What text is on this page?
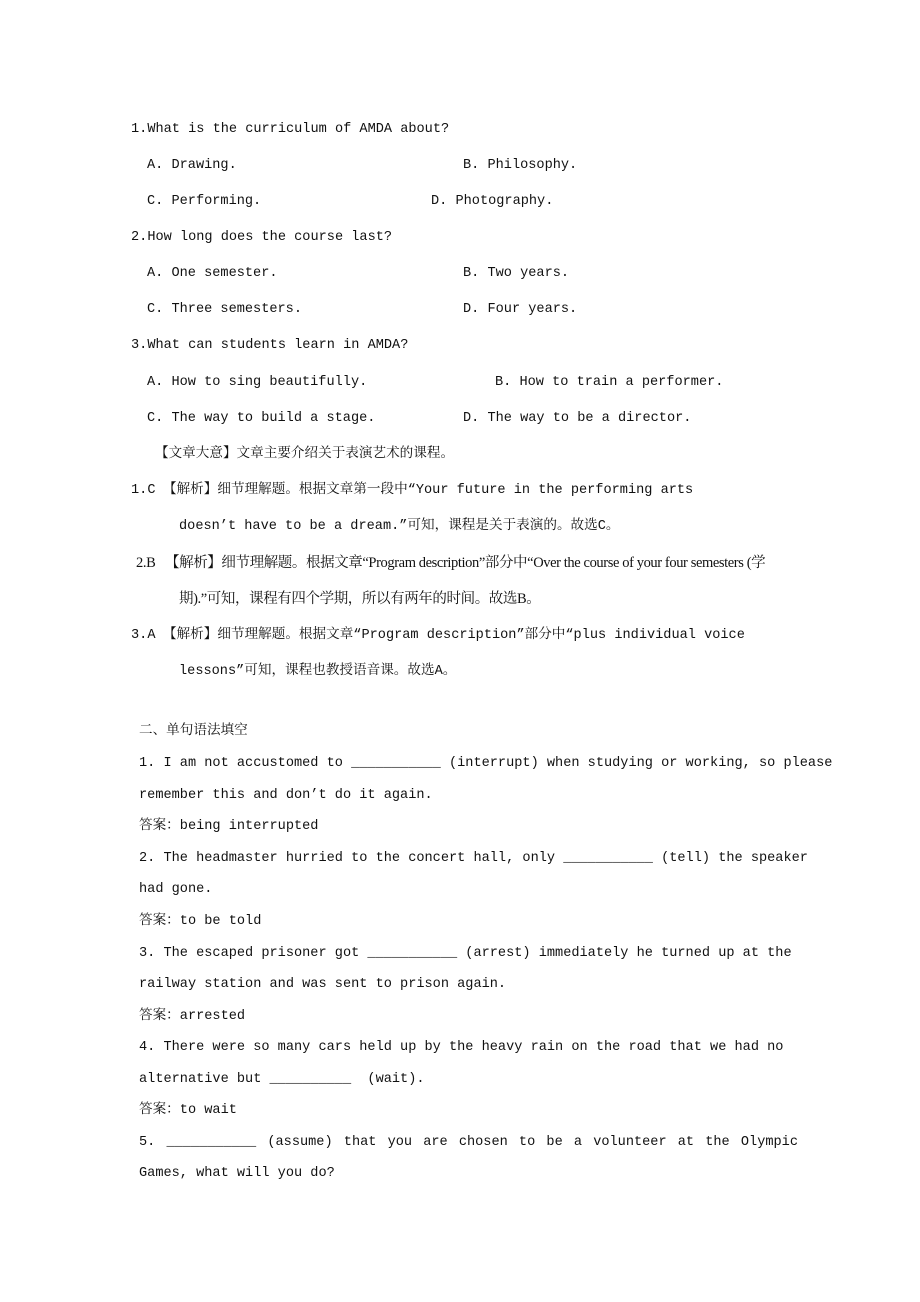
1.What is the curriculum of AMDA about?
A. Drawing.	B. Philosophy.
C. Performing.	D. Photography.
2.How long does the course last?
A. One semester.	B. Two years.
C. Three semesters.	D. Four years.
3.What can students learn in AMDA?
A. How to sing beautifully.	B. How to train a performer.
C. The way to build a stage.	D. The way to be a director.
【文章大意】文章主要介绍关于表演艺术的课程。
1.C 【解析】细节理解题。根据文章第一段中“Your future in the performing arts
doesn’t have to be a dream.”可知，课程是关于表演的。故选C。
2.B 【解析】细节理解题。根据文章“Program description”部分中“Over the course of your four semesters (学
期).”可知，课程有四个学期，所以有两年的时间。故选B。
3.A 【解析】细节理解题。根据文章“Program description”部分中“plus individual voice
lessons”可知，课程也教授语音课。故选A。
二、单句语法填空
1. I am not accustomed to ___________ (interrupt) when studying or working, so please
remember this and don’t do it again.
答案：being interrupted
2. The headmaster hurried to the concert hall, only ___________ (tell) the speaker
had gone.
答案：to be told
3. The escaped prisoner got ___________ (arrest) immediately he turned up at the
railway station and was sent to prison again.
答案：arrested
4. There were so many cars held up by the heavy rain on the road that we had no
alternative but __________  (wait).
答案：to wait
5. ___________ (assume) that you are chosen to be a volunteer at the Olympic
Games, what will you do?
